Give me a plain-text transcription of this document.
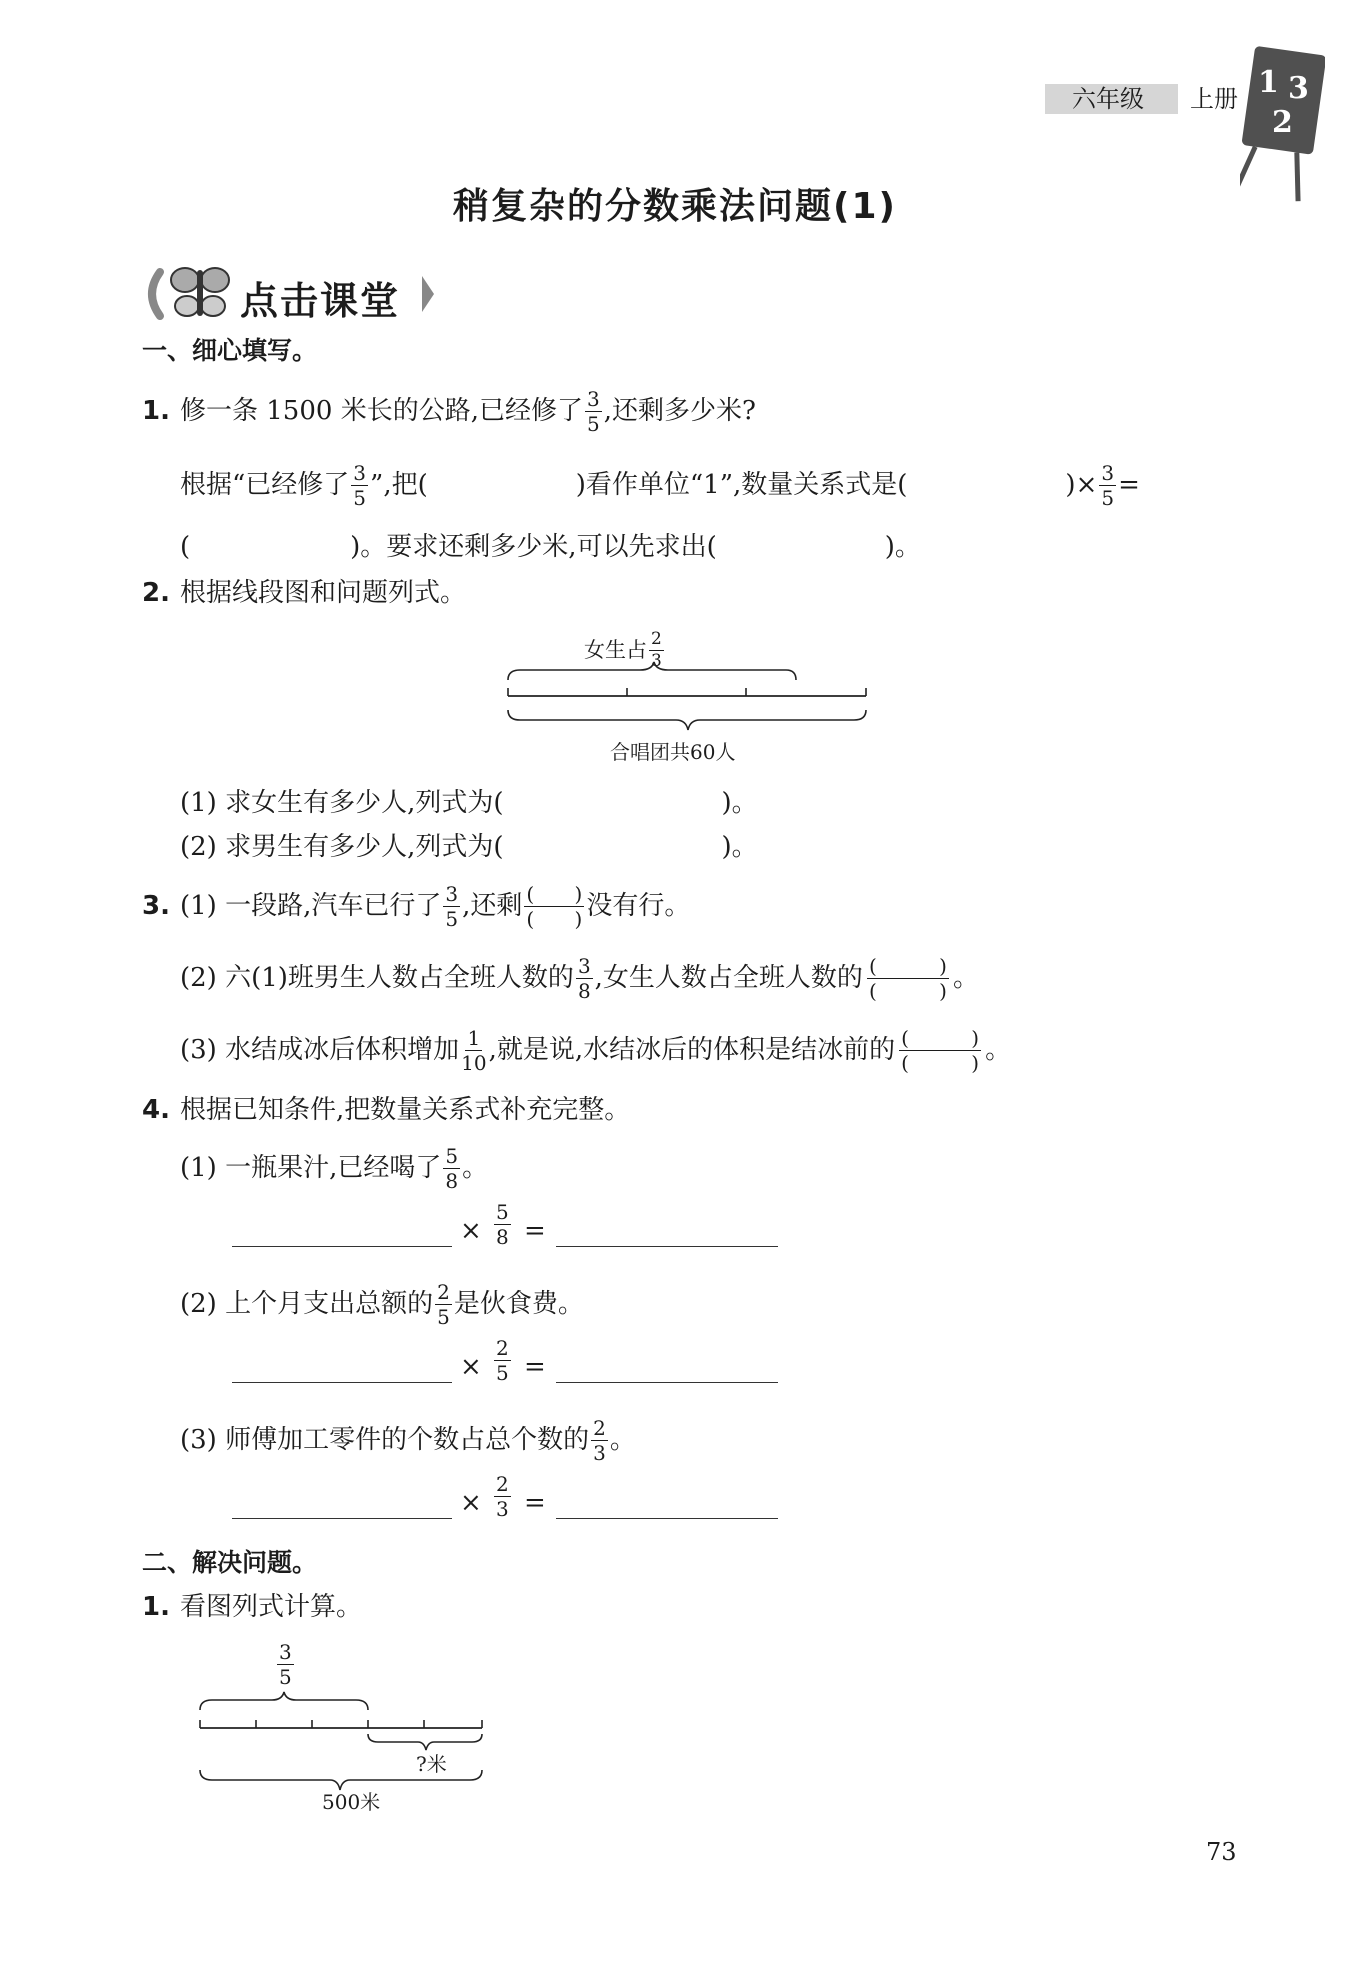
六年级 上册 1 3
2
稍复杂的分数乘法问题(1)
点击课堂
一、细心填写。
1. 修一条 1500 米长的公路,已经修了 $\frac{3}{5}$ ,还剩多少米?
根据“已经修了 $\frac{3}{5}$ ”,把(	)看作单位“1”,数量关系式是(	)× $\frac{3}{5}$ =
(	)。要求还剩多少米,可以先求出(	)。
2. 根据线段图和问题列式。
女生占 $\frac{2}{3}$
合唱团共60人
(1) 求女生有多少人,列式为(	)。
(2) 求男生有多少人,列式为(	)。
3. (1) 一段路,汽车已行了 $\frac{3}{5}$ ,还剩 (   )
(   ) 没有行。
(2) 六(1)班男生人数占全班人数的 $\frac{3}{8}$ ,女生人数占全班人数的 (   ) (   )	。
(3) 水结成冰后体积增加 $\frac{1}{10}$ ,就是说,水结冰后的体积是结冰前的 (   ) (   )	。
4. 根据已知条件,把数量关系式补充完整。
(1) 一瓶果汁,已经喝了 $\frac{5}{8}$ 。
× $\frac{5}{8}$ =
(2) 上个月支出总额的 $\frac{2}{5}$ 是伙食费。
× $\frac{2}{5}$ =
(3) 师傅加工零件的个数占总个数的 $\frac{2}{3}$ 。
× $\frac{2}{3}$ =
二、解决问题。
1. 看图列式计算。
$\frac{3}{5}$
?米
500米
73
